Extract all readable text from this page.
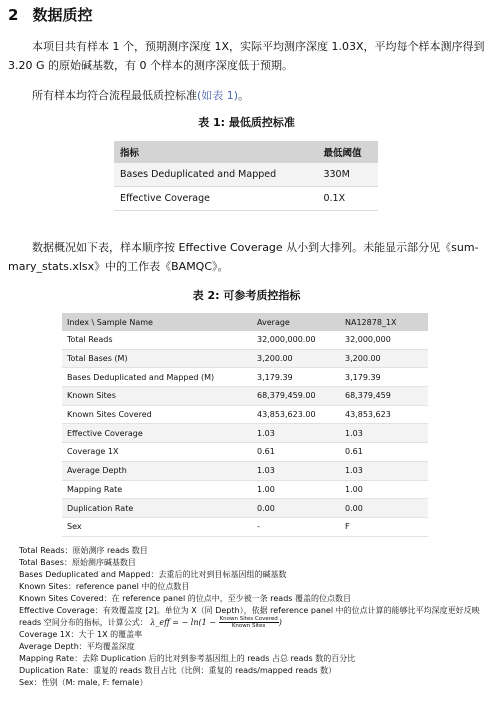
2 数据质控
本项目共有样本 1 个，预期测序深度 1X，实际平均测序深度 1.03X，平均每个样本测序得到 3.20 G 的原始碱基数，有 0 个样本的测序深度低于预期。
所有样本均符合流程最低质控标准(如表 1)。
表 1: 最低质控标准
指标	最低阈值
Bases Deduplicated and Mapped	330M
Effective Coverage	0.1X
数据概况如下表，样本顺序按 Effective Coverage 从小到大排列。未能显示部分见《sum-mary_stats.xlsx》中的工作表《BAMQC》。
表 2: 可参考质控指标
Index \ Sample Name	Average	NA12878_1X
Total Reads	32,000,000.00	32,000,000
Total Bases (M)	3,200.00	3,200.00
Bases Deduplicated and Mapped (M)	3,179.39	3,179.39
Known Sites	68,379,459.00	68,379,459
Known Sites Covered	43,853,623.00	43,853,623
Effective Coverage	1.03	1.03
Coverage 1X	0.61	0.61
Average Depth	1.03	1.03
Mapping Rate	1.00	1.00
Duplication Rate	0.00	0.00
Sex	-	F
Total Reads：原始测序 reads 数目
Total Bases：原始测序碱基数目
Bases Deduplicated and Mapped：去重后的比对到目标基因组的碱基数
Known Sites：reference panel 中的位点数目
Known Sites Covered：在 reference panel 的位点中，至少被一条 reads 覆盖的位点数目
Effective Coverage：有效覆盖度 [2]。单位为 X（同 Depth），依据 reference panel 中的位点计算的能够比平均深度更好反映
reads 空间分布的指标，计算公式： λ_eff = − $\ln(1 - \frac{\text{Known Sites Covered}}{\text{Known Sites}}$ )
Coverage 1X：大于 1X 的覆盖率
Average Depth：平均覆盖深度
Mapping Rate：去除 Duplication 后的比对到参考基因组上的 reads 占总 reads 数的百分比
Duplication Rate：重复的 reads 数目占比（比例：重复的 reads/mapped reads 数）
Sex：性别（M: male, F: female）
